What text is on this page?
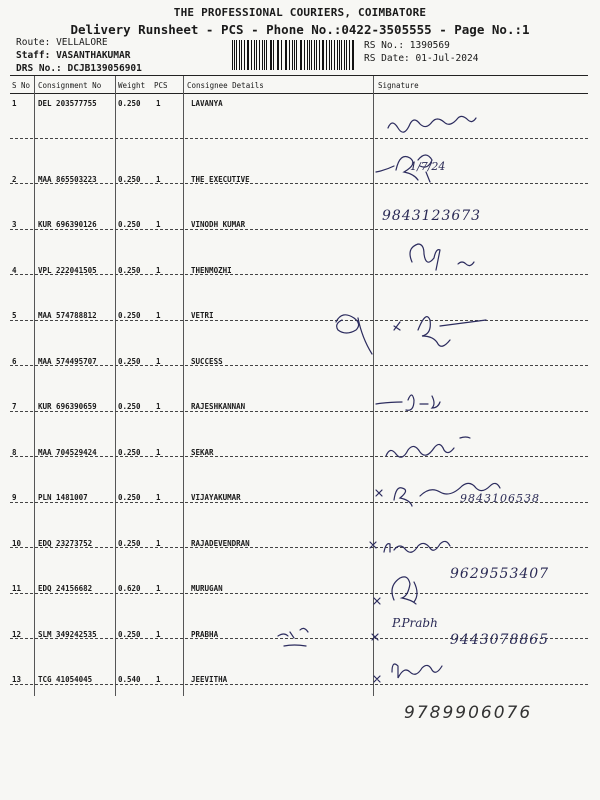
THE PROFESSIONAL COURIERS, COIMBATORE
Delivery Runsheet - PCS - Phone No.:0422-3505555 - Page No.:1
Route: VELLALORE
Staff: VASANTHAKUMAR
DRS No.: DCJB139056901
RS No.: 1390569
RS Date: 01-Jul-2024
S No Consignment No Weight PCS	Consignee Details	Signature
1	DEL 203577755	0.250 1	LAVANYA
2	MAA 865503223	0.250 1	THE EXECUTIVE
3	KUR 696390126	0.250 1	VINODH KUMAR
4	VPL 222041505	0.250 1	THENMOZHI
5	MAA 574788812	0.250 1	VETRI
6	MAA 574495707	0.250 1	SUCCESS
7	KUR 696390659	0.250 1	RAJESHKANNAN
8	MAA 704529424	0.250 1	SEKAR
9	PLN 1481007	0.250 1	VIJAYAKUMAR
10 EDQ 23273752	0.250 1	RAJADEVENDRAN
11 EDQ 24156682	0.620 1	MURUGAN
12 SLM 349242535	0.250 1	PRABHA
13 TCG 41054045	0.540 1	JEEVITHA
1/7/24
9843123673
9843106538
9629553407
P.Prabh
9443078865
9789906076
